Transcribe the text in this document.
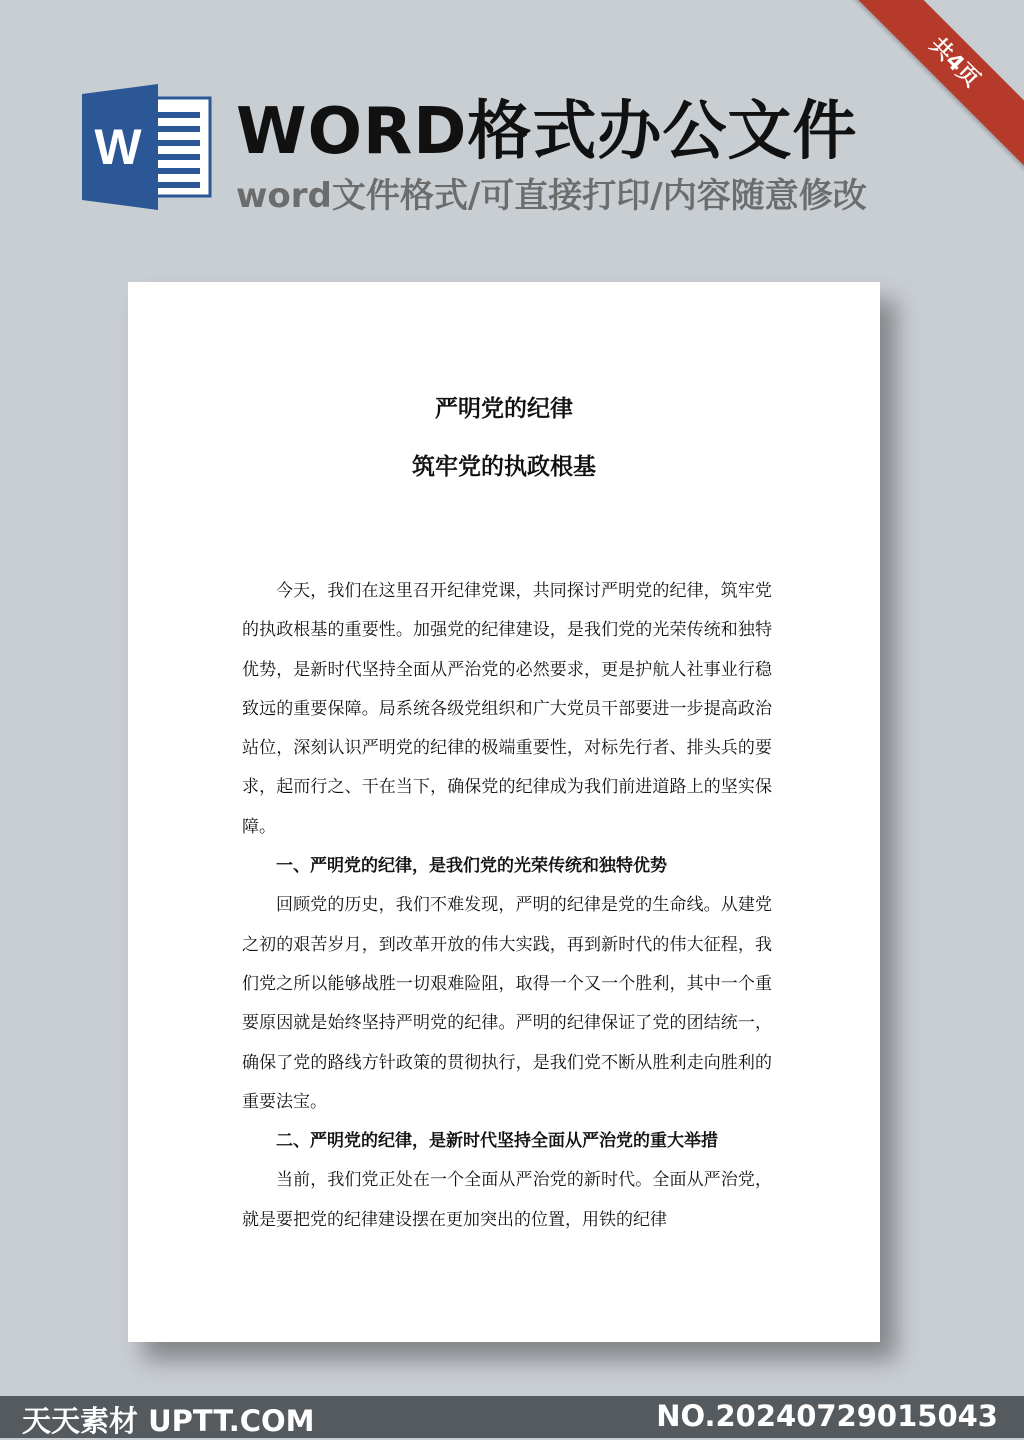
共4页
W WORD格式办公文件
word文件格式/可直接打印/内容随意修改
严明党的纪律
筑牢党的执政根基

今天，我们在这里召开纪律党课，共同探讨严明党的纪律，筑牢党的执政根基的重要性。加强党的纪律建设，是我们党的光荣传统和独特优势，是新时代坚持全面从严治党的必然要求，更是护航人社事业行稳致远的重要保障。局系统各级党组织和广大党员干部要进一步提高政治站位，深刻认识严明党的纪律的极端重要性，对标先行者、排头兵的要求，起而行之、干在当下，确保党的纪律成为我们前进道路上的坚实保障。

一、严明党的纪律，是我们党的光荣传统和独特优势

回顾党的历史，我们不难发现，严明的纪律是党的生命线。从建党之初的艰苦岁月，到改革开放的伟大实践，再到新时代的伟大征程，我们党之所以能够战胜一切艰难险阻，取得一个又一个胜利，其中一个重要原因就是始终坚持严明党的纪律。严明的纪律保证了党的团结统一，确保了党的路线方针政策的贯彻执行，是我们党不断从胜利走向胜利的重要法宝。

二、严明党的纪律，是新时代坚持全面从严治党的重大举措

当前，我们党正处在一个全面从严治党的新时代。全面从严治党，就是要把党的纪律建设摆在更加突出的位置，用铁的纪律

天天素材 UPTT.COM	NO.20240729015043
